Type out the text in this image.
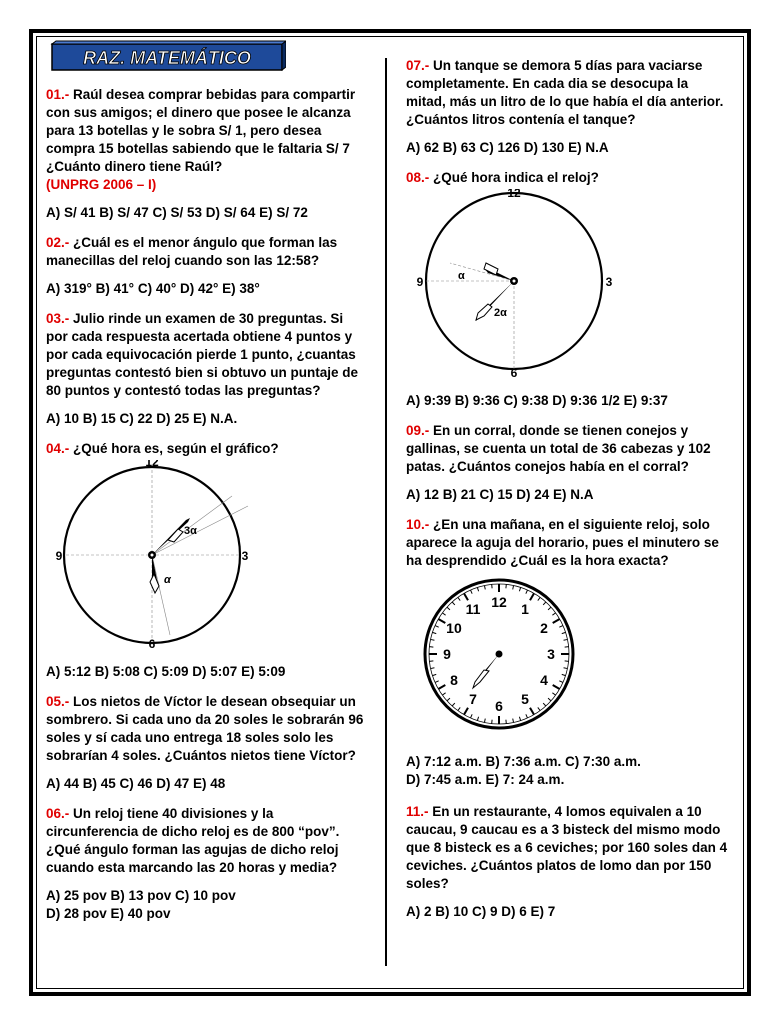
RAZ. MATEMÁTICO
01.- Raúl desea comprar bebidas para compartir con sus amigos; el dinero que posee le alcanza para 13 botellas y le sobra S/ 1, pero desea compra 15 botellas sabiendo que le faltaria S/ 7 ¿Cuánto dinero tiene Raúl?
(UNPRG 2006 – I)
A) S/ 41 B) S/ 47 C) S/ 53 D) S/ 64 E) S/ 72
02.- ¿Cuál es el menor ángulo que forman las manecillas del reloj cuando son las 12:58?
A) 319° B) 41° C) 40° D) 42° E) 38°
03.- Julio rinde un examen de 30 preguntas. Si por cada respuesta acertada obtiene 4 puntos y por cada equivocación pierde 1 punto, ¿cuantas preguntas contestó bien si obtuvo un puntaje de 80 puntos y contestó todas las preguntas?
A) 10 B) 15 C) 22 D) 25 E) N.A.
04.- ¿Qué hora es, según el gráfico?
12
3
6
9
3α
α
A) 5:12 B) 5:08 C) 5:09 D) 5:07 E) 5:09
05.- Los nietos de Víctor le desean obsequiar un sombrero. Si cada uno da 20 soles le sobrarán 96 soles y sí cada uno entrega 18 soles solo les sobrarían 4 soles. ¿Cuántos nietos tiene Víctor?
A) 44 B) 45 C) 46 D) 47 E) 48
06.- Un reloj tiene 40 divisiones y la circunferencia de dicho reloj es de 800 “pov”. ¿Qué ángulo forman las agujas de dicho reloj cuando esta marcando las 20 horas y media?
A) 25 pov B) 13 pov C) 10 pov
D) 28 pov E) 40 pov
07.- Un tanque se demora 5 días para vaciarse completamente. En cada dia se desocupa la mitad, más un litro de lo que había el día anterior. ¿Cuántos litros contenía el tanque?
A) 62 B) 63 C) 126 D) 130 E) N.A
08.- ¿Qué hora indica el reloj?
12
3
6
9	α
2α
A) 9:39 B) 9:36 C) 9:38 D) 9:36 1/2 E) 9:37
09.- En un corral, donde se tienen conejos y gallinas, se cuenta un total de 36 cabezas y 102 patas. ¿Cuántos conejos había en el corral?
A) 12 B) 21 C) 15 D) 24 E) N.A
10.- ¿En una mañana, en el siguiente reloj, solo aparece la aguja del horario, pues el minutero se ha desprendido ¿Cuál es la hora exacta?
12 1
2
3
4
5
6
7
8
9
10
11
A) 7:12 a.m. B) 7:36 a.m. C) 7:30 a.m.
D) 7:45 a.m. E) 7: 24 a.m.
11.- En un restaurante, 4 lomos equivalen a 10 caucau, 9 caucau es a 3 bisteck del mismo modo que 8 bisteck es a 6 ceviches; por 160 soles dan 4 ceviches. ¿Cuántos platos de lomo dan por 150 soles?
A) 2 B) 10 C) 9 D) 6 E) 7
